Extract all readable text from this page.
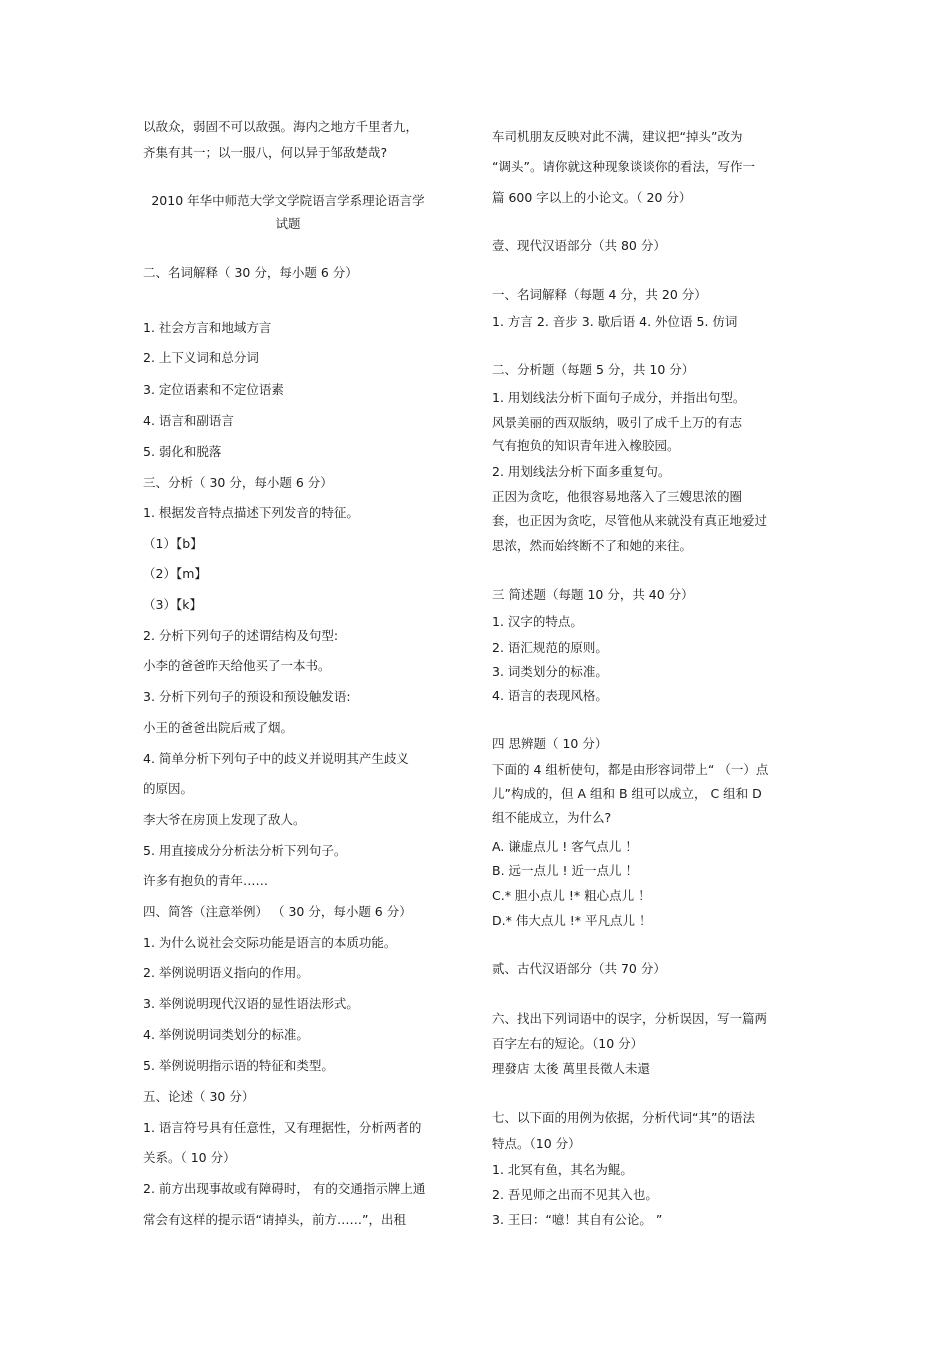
以敌众，弱固不可以敌强。海内之地方千里者九，
齐集有其一；以一服八，何以异于邹敌楚哉?
2010 年华中师范大学文学院语言学系理论语言学
试题
二、名词解释（ 30 分，每小题 6 分）
1. 社会方言和地域方言
2. 上下义词和总分词
3. 定位语素和不定位语素
4. 语言和副语言
5. 弱化和脱落
三、分析（ 30 分，每小题 6 分）
1. 根据发音特点描述下列发音的特征。
（1）【b】
（2）【m】
（3）【k】
2. 分析下列句子的述谓结构及句型:
小李的爸爸昨天给他买了一本书。
3. 分析下列句子的预设和预设触发语:
小王的爸爸出院后戒了烟。
4. 简单分析下列句子中的歧义并说明其产生歧义
的原因。
李大爷在房顶上发现了敌人。
5. 用直接成分分析法分析下列句子。
许多有抱负的青年……
四、简答（注意举例） （ 30 分，每小题 6 分）
1. 为什么说社会交际功能是语言的本质功能。
2. 举例说明语义指向的作用。
3. 举例说明现代汉语的显性语法形式。
4. 举例说明词类划分的标准。
5. 举例说明指示语的特征和类型。
五、论述（ 30 分）
1. 语言符号具有任意性，又有理据性，分析两者的
关系。（ 10 分）
2. 前方出现事故或有障碍时， 有的交通指示牌上通
常会有这样的提示语“请掉头，前方……”，出租
车司机朋友反映对此不满，建议把“掉头”改为
“调头”。请你就这种现象谈谈你的看法，写作一
篇 600 字以上的小论文。（ 20 分）
壹、现代汉语部分（共 80 分）
一、名词解释（每题 4 分，共 20 分）
1. 方言 2. 音步 3. 歇后语 4. 外位语 5. 仿词
二、分析题（每题 5 分，共 10 分）
1. 用划线法分析下面句子成分，并指出句型。
风景美丽的西双版纳，吸引了成千上万的有志
气有抱负的知识青年进入橡胶园。
2. 用划线法分析下面多重复句。
正因为贪吃，他很容易地落入了三嫂思浓的圈
套，也正因为贪吃，尽管他从来就没有真正地爱过
思浓，然而始终断不了和她的来往。
三 简述题（每题 10 分，共 40 分）
1. 汉字的特点。
2. 语汇规范的原则。
3. 词类划分的标准。
4. 语言的表现风格。
四 思辨题（ 10 分）
下面的 4 组析使句，都是由形容词带上“ （一）点
儿”构成的，但 A 组和 B 组可以成立， C 组和 D
组不能成立，为什么?
A. 谦虚点儿 ! 客气点儿 ！
B. 远一点儿 ! 近一点儿 ！
C.* 胆小点儿 !* 粗心点儿 ！
D.* 伟大点儿 !* 平凡点儿 ！
贰、古代汉语部分（共 70 分）
六、找出下列词语中的误字，分析误因，写一篇两
百字左右的短论。（10 分）
理發店 太後 萬里長徵人未還
七、以下面的用例为依据，分析代词“其”的语法
特点。（10 分）
1. 北冥有鱼，其名为鲲。
2. 吾见师之出而不见其入也。
3. 王曰：“噫！其自有公论。 ”
